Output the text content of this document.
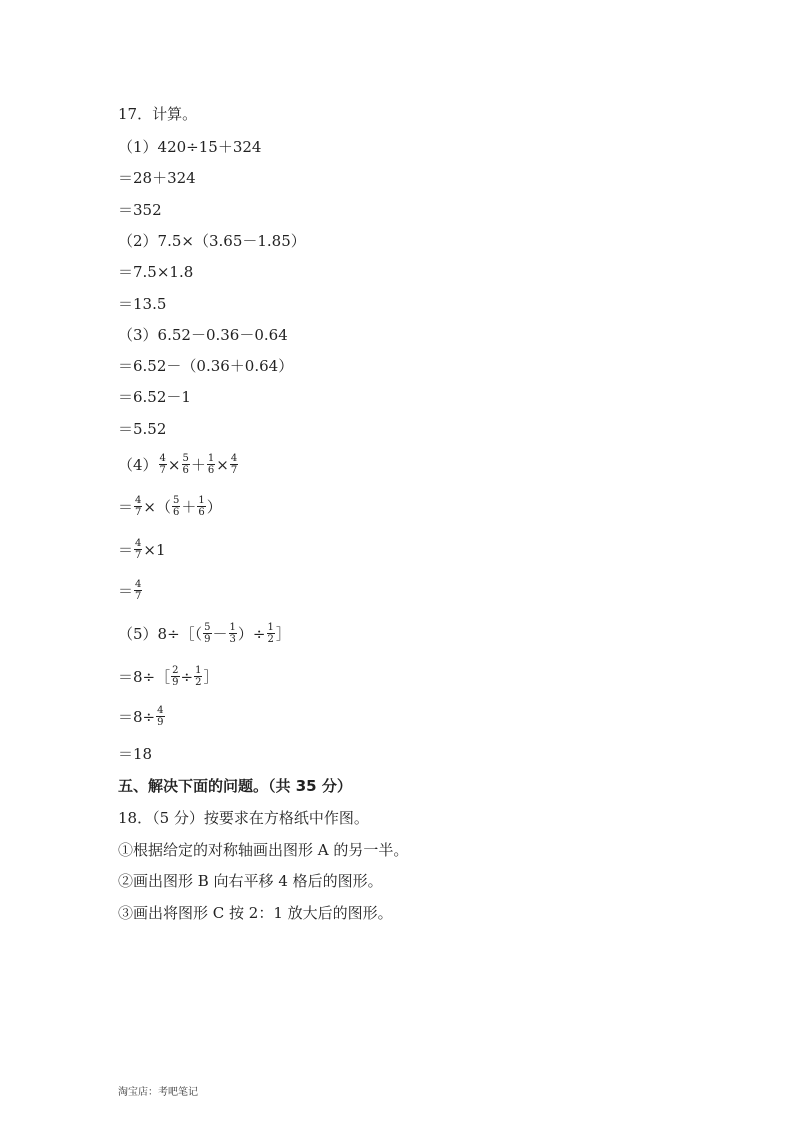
17．计算。
（1）420÷15＋324
＝28＋324
＝352
（2）7.5×（3.65－1.85）
＝7.5×1.8
＝13.5
（3）6.52－0.36－0.64
＝6.52－（0.36＋0.64）
＝6.52－1
＝5.52
$(4) \frac{4}{7} \times \frac{5}{6} + \frac{1}{6} \times \frac{4}{7}$
＝ $\frac{4}{7}$ × （ $\frac{5}{6} + \frac{1}{6}$ ）
＝ $\frac{4}{7} \times 1$
＝ $\frac{4}{7}$
（5）8÷［（ $\frac{5}{9} - \frac{1}{3}$ ）÷ $\frac{1}{2}$ ］
＝8÷ ［ $\frac{2}{9} \div \frac{1}{2}$ ］
$=8\div \frac{4}{9}$
＝18
五、解决下面的问题。（共 35 分）
18．（5 分）按要求在方格纸中作图。
①根据给定的对称轴画出图形 A 的另一半。
②画出图形 B 向右平移 4 格后的图形。
③画出将图形 C 按 2：1 放大后的图形。
淘宝店：考吧笔记
